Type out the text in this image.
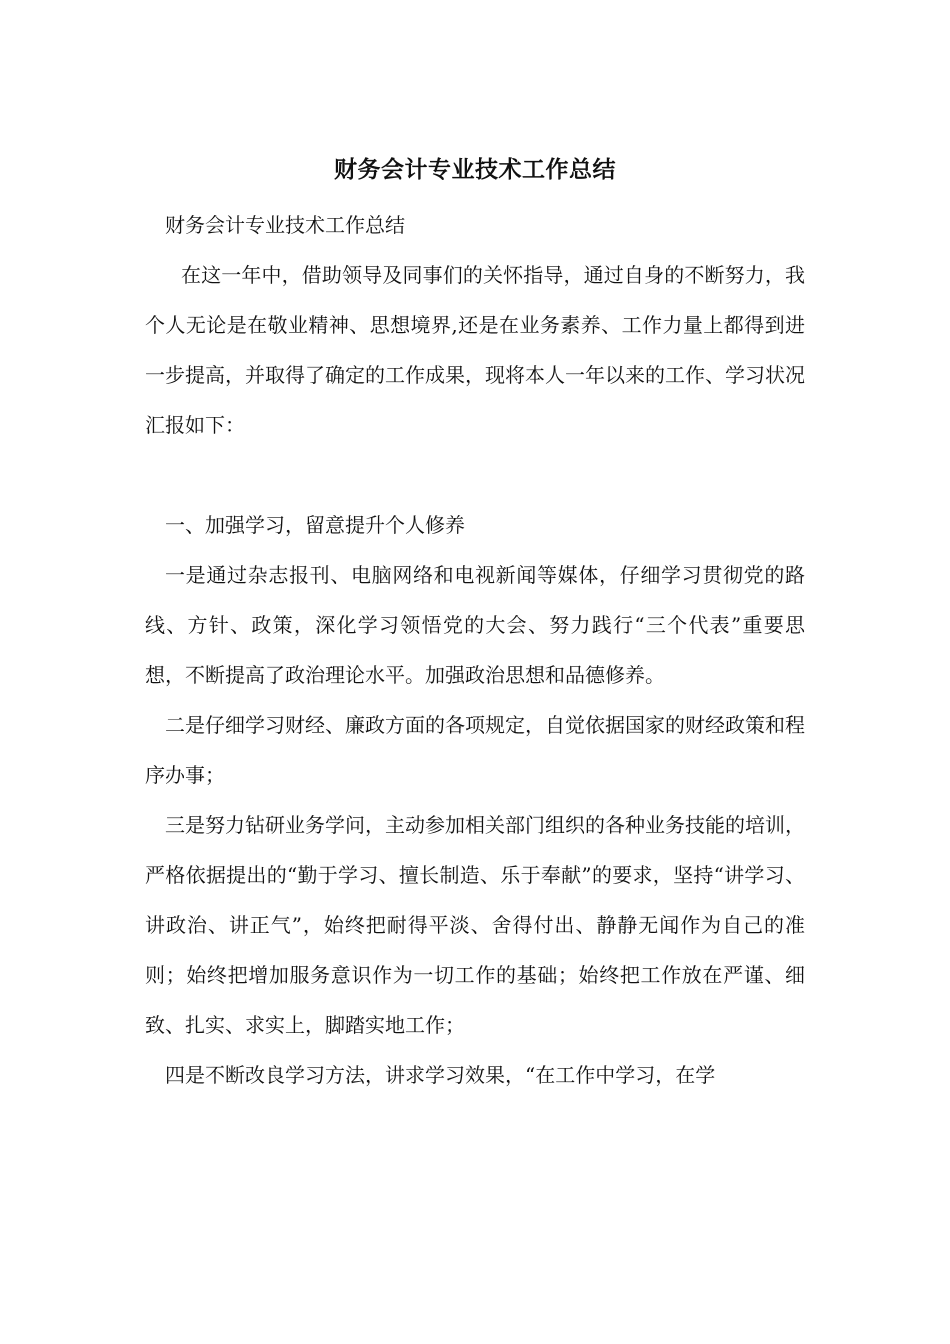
财务会计专业技术工作总结

财务会计专业技术工作总结

在这一年中，借助领导及同事们的关怀指导，通过自身的不断努力，我个人无论是在敬业精神、思想境界,还是在业务素养、工作力量上都得到进一步提高，并取得了确定的工作成果，现将本人一年以来的工作、学习状况汇报如下：

一、加强学习，留意提升个人修养

一是通过杂志报刊、电脑网络和电视新闻等媒体，仔细学习贯彻党的路线、方针、政策，深化学习领悟党的大会、努力践行“三个代表”重要思想，不断提高了政治理论水平。加强政治思想和品德修养。

二是仔细学习财经、廉政方面的各项规定，自觉依据国家的财经政策和程序办事；

三是努力钻研业务学问，主动参加相关部门组织的各种业务技能的培训，严格依据提出的“勤于学习、擅长制造、乐于奉献”的要求，坚持“讲学习、讲政治、讲正气”，始终把耐得平淡、舍得付出、静静无闻作为自己的准则；始终把增加服务意识作为一切工作的基础；始终把工作放在严谨、细致、扎实、求实上，脚踏实地工作；

四是不断改良学习方法，讲求学习效果，“在工作中学习，在学
